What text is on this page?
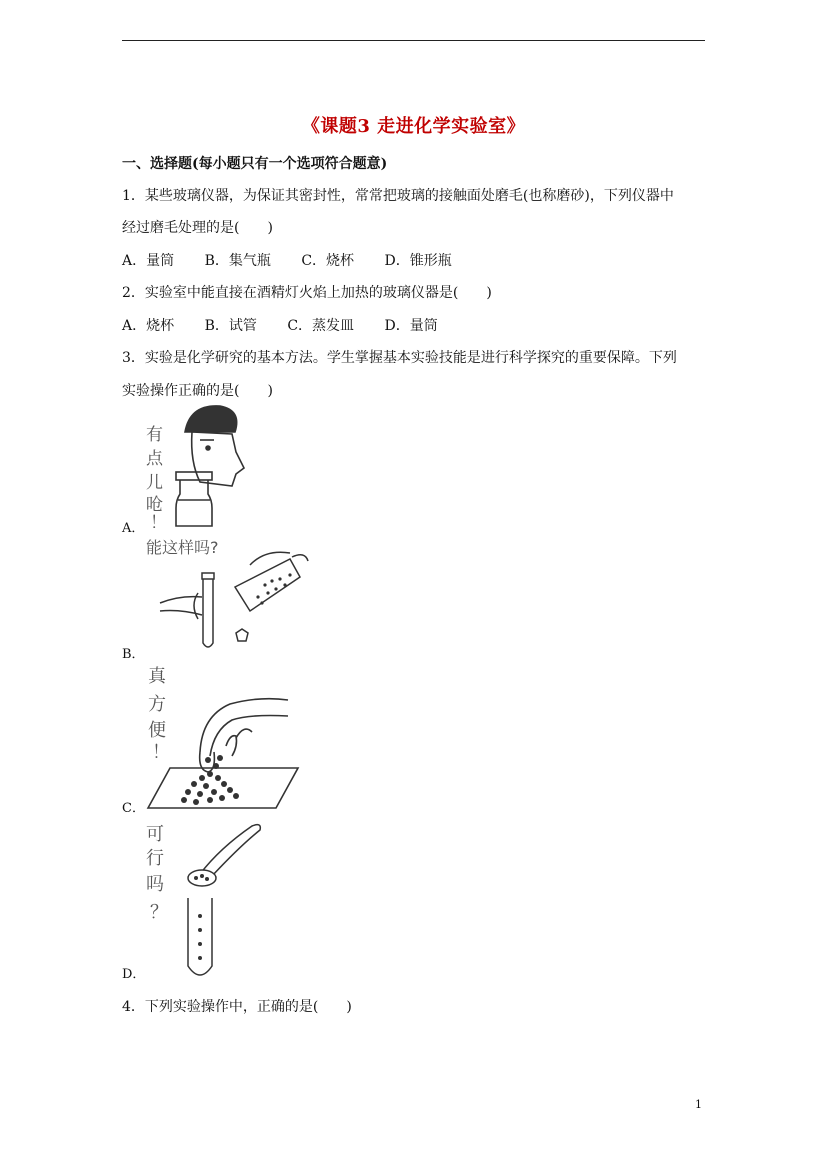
《课题3 走进化学实验室》
一、选择题(每小题只有一个选项符合题意)
1．某些玻璃仪器，为保证其密封性，常常把玻璃的接触面处磨毛(也称磨砂)，下列仪器中
经过磨毛处理的是(　　)
A．量筒 B．集气瓶 C．烧杯 D．锥形瓶
2．实验室中能直接在酒精灯火焰上加热的玻璃仪器是(　　)
A．烧杯 B．试管 C．蒸发皿 D．量筒
3．实验是化学研究的基本方法。学生掌握基本实验技能是进行科学探究的重要保障。下列
实验操作正确的是(　　)
有
点
儿
呛
！
A．
能这样吗?
B．
真
方
便
！
C．
可
行
吗
？
D．
4．下列实验操作中，正确的是(　　)
1
